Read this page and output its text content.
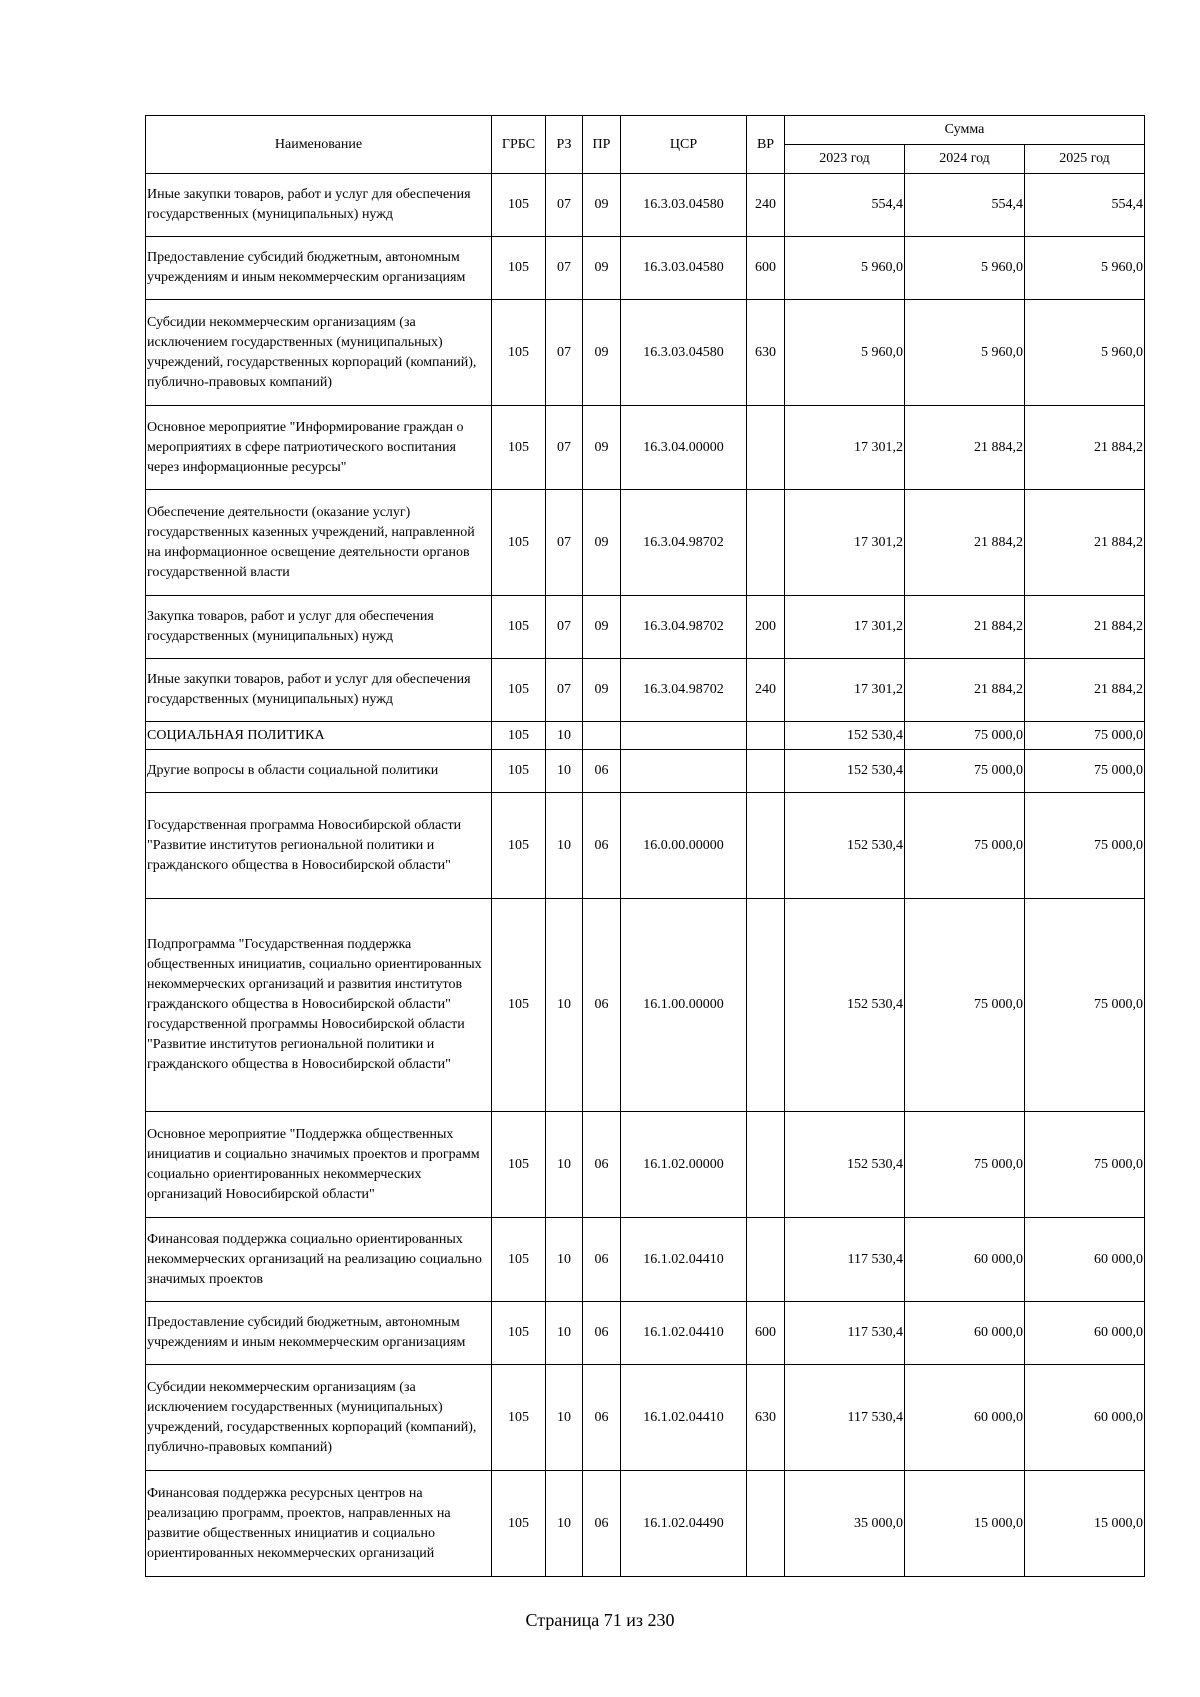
Наименование	ГРБС	РЗ	ПР	ЦСР	ВР	Сумма		
						2023 год	2024 год	2025 год
Иные закупки товаров, работ и услуг для обеспечения государственных (муниципальных) нужд	105	07	09	16.3.03.04580	240	554,4	554,4	554,4
Предоставление субсидий бюджетным, автономным учреждениям и иным некоммерческим организациям	105	07	09	16.3.03.04580	600	5 960,0	5 960,0	5 960,0
Субсидии некоммерческим организациям (за исключением государственных (муниципальных) учреждений, государственных корпораций (компаний), публично-правовых компаний)	105	07	09	16.3.03.04580	630	5 960,0	5 960,0	5 960,0
Основное мероприятие "Информирование граждан о мероприятиях в сфере патриотического воспитания через информационные ресурсы"	105	07	09	16.3.04.00000		17 301,2	21 884,2	21 884,2
Обеспечение деятельности (оказание услуг) государственных казенных учреждений, направленной на информационное освещение деятельности органов государственной власти	105	07	09	16.3.04.98702		17 301,2	21 884,2	21 884,2
Закупка товаров, работ и услуг для обеспечения государственных (муниципальных) нужд	105	07	09	16.3.04.98702	200	17 301,2	21 884,2	21 884,2
Иные закупки товаров, работ и услуг для обеспечения государственных (муниципальных) нужд	105	07	09	16.3.04.98702	240	17 301,2	21 884,2	21 884,2
СОЦИАЛЬНАЯ ПОЛИТИКА	105	10				152 530,4	75 000,0	75 000,0
Другие вопросы в области социальной политики	105	10	06			152 530,4	75 000,0	75 000,0
Государственная программа Новосибирской области "Развитие институтов региональной политики и гражданского общества в Новосибирской области"	105	10	06	16.0.00.00000		152 530,4	75 000,0	75 000,0
Подпрограмма "Государственная поддержка общественных инициатив, социально ориентированных некоммерческих организаций и развития институтов гражданского общества в Новосибирской области" государственной программы Новосибирской области "Развитие институтов региональной политики и гражданского общества в Новосибирской области"	105	10	06	16.1.00.00000		152 530,4	75 000,0	75 000,0
Основное мероприятие "Поддержка общественных инициатив и социально значимых проектов и программ социально ориентированных некоммерческих организаций Новосибирской области"	105	10	06	16.1.02.00000		152 530,4	75 000,0	75 000,0
Финансовая поддержка социально ориентированных некоммерческих организаций на реализацию социально значимых проектов	105	10	06	16.1.02.04410		117 530,4	60 000,0	60 000,0
Предоставление субсидий бюджетным, автономным учреждениям и иным некоммерческим организациям	105	10	06	16.1.02.04410	600	117 530,4	60 000,0	60 000,0
Субсидии некоммерческим организациям (за исключением государственных (муниципальных) учреждений, государственных корпораций (компаний), публично-правовых компаний)	105	10	06	16.1.02.04410	630	117 530,4	60 000,0	60 000,0
Финансовая поддержка ресурсных центров на реализацию программ, проектов, направленных на развитие общественных инициатив и социально ориентированных некоммерческих организаций	105	10	06	16.1.02.04490		35 000,0	15 000,0	15 000,0
Страница 71 из 230
